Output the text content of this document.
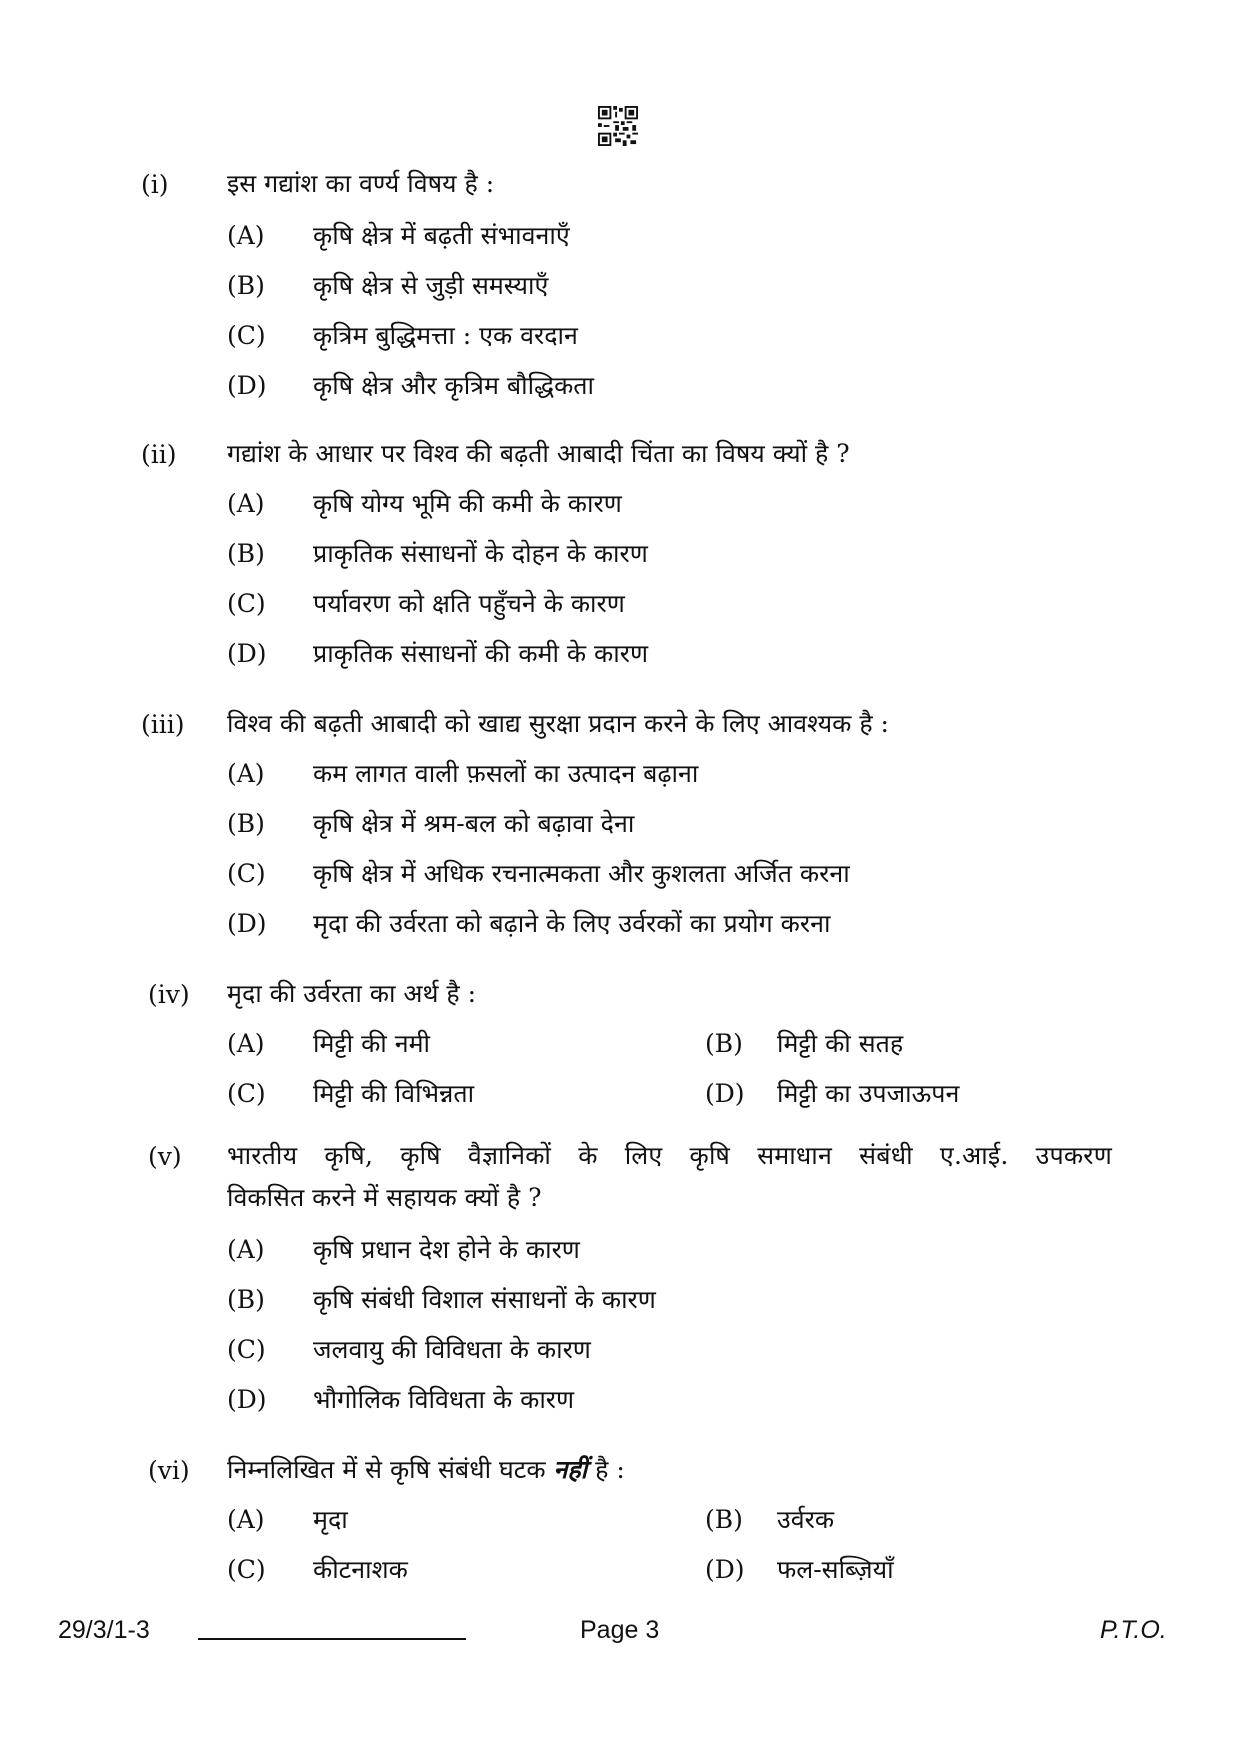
(i) इस गद्यांश का वर्ण्य विषय है :
(A) कृषि क्षेत्र में बढ़ती संभावनाएँ
(B) कृषि क्षेत्र से जुड़ी समस्याएँ
(C) कृत्रिम बुद्धिमत्ता : एक वरदान
(D) कृषि क्षेत्र और कृत्रिम बौद्धिकता
(ii) गद्यांश के आधार पर विश्व की बढ़ती आबादी चिंता का विषय क्यों है ?
(A) कृषि योग्य भूमि की कमी के कारण
(B) प्राकृतिक संसाधनों के दोहन के कारण
(C) पर्यावरण को क्षति पहुँचने के कारण
(D) प्राकृतिक संसाधनों की कमी के कारण
(iii) विश्व की बढ़ती आबादी को खाद्य सुरक्षा प्रदान करने के लिए आवश्यक है :
(A) कम लागत वाली फ़सलों का उत्पादन बढ़ाना
(B) कृषि क्षेत्र में श्रम-बल को बढ़ावा देना
(C) कृषि क्षेत्र में अधिक रचनात्मकता और कुशलता अर्जित करना
(D) मृदा की उर्वरता को बढ़ाने के लिए उर्वरकों का प्रयोग करना
(iv) मृदा की उर्वरता का अर्थ है :
(A) मिट्टी की नमी	(B) मिट्टी की सतह
(C) मिट्टी की विभिन्नता	(D) मिट्टी का उपजाऊपन
(v) भारतीय कृषि, कृषि वैज्ञानिकों के लिए कृषि समाधान संबंधी ए.आई. उपकरण
विकसित करने में सहायक क्यों है ?
(A) कृषि प्रधान देश होने के कारण
(B) कृषि संबंधी विशाल संसाधनों के कारण
(C) जलवायु की विविधता के कारण
(D) भौगोलिक विविधता के कारण
(vi) निम्नलिखित में से कृषि संबंधी घटक नहीं है :
(A) मृदा	(B) उर्वरक
(C) कीटनाशक	(D) फल-सब्ज़ियाँ
29/3/1-3	Page 3	P.T.O.
